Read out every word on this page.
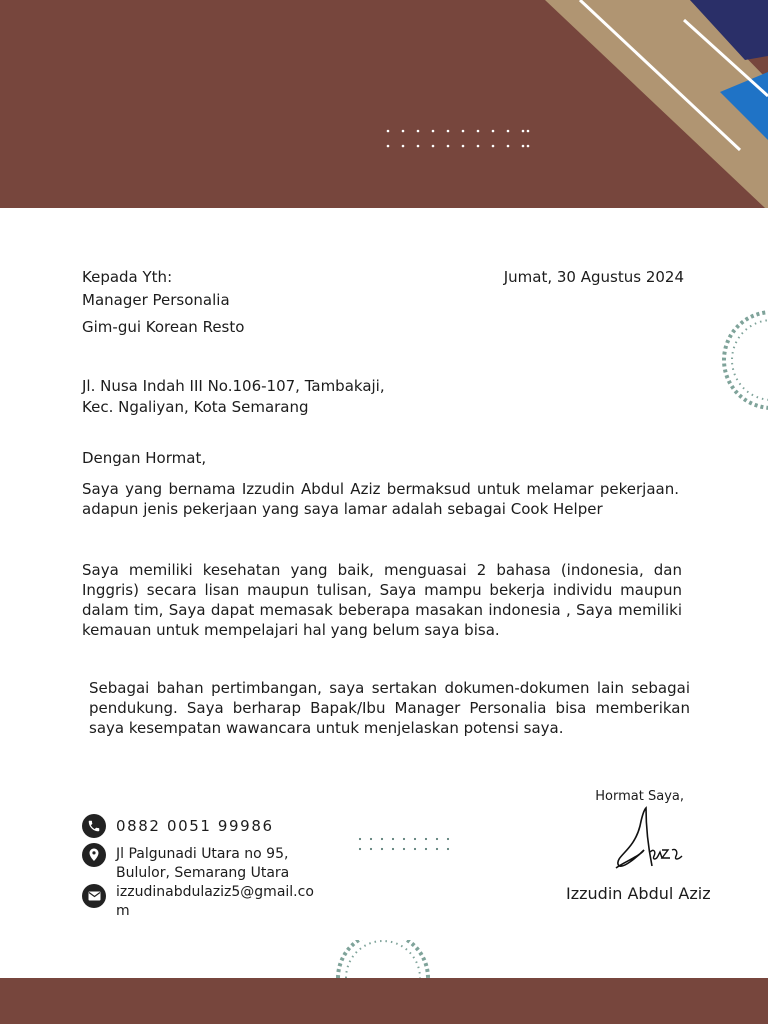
Kepada Yth:
Manager Personalia
Gim-gui Korean Resto
Jumat, 30 Agustus 2024
Jl. Nusa Indah III No.106-107, Tambakaji,
Kec. Ngaliyan, Kota Semarang
Dengan Hormat,
Saya yang bernama Izzudin Abdul Aziz bermaksud untuk melamar pekerjaan. adapun jenis pekerjaan yang saya lamar adalah sebagai Cook Helper
Saya memiliki kesehatan yang baik, menguasai 2 bahasa (indonesia, dan Inggris) secara lisan maupun tulisan, Saya mampu bekerja individu maupun dalam tim, Saya dapat memasak beberapa masakan indonesia , Saya memiliki kemauan untuk mempelajari hal yang belum saya bisa.
Sebagai bahan pertimbangan, saya sertakan dokumen-dokumen lain sebagai pendukung. Saya berharap Bapak/Ibu Manager Personalia bisa memberikan saya kesempatan wawancara untuk menjelaskan potensi saya.
0882 0051 99986
Jl Palgunadi Utara no 95,
Bululor, Semarang Utara
izzudinabdulaziz5@gmail.com
Hormat Saya,
Izzudin Abdul Aziz
